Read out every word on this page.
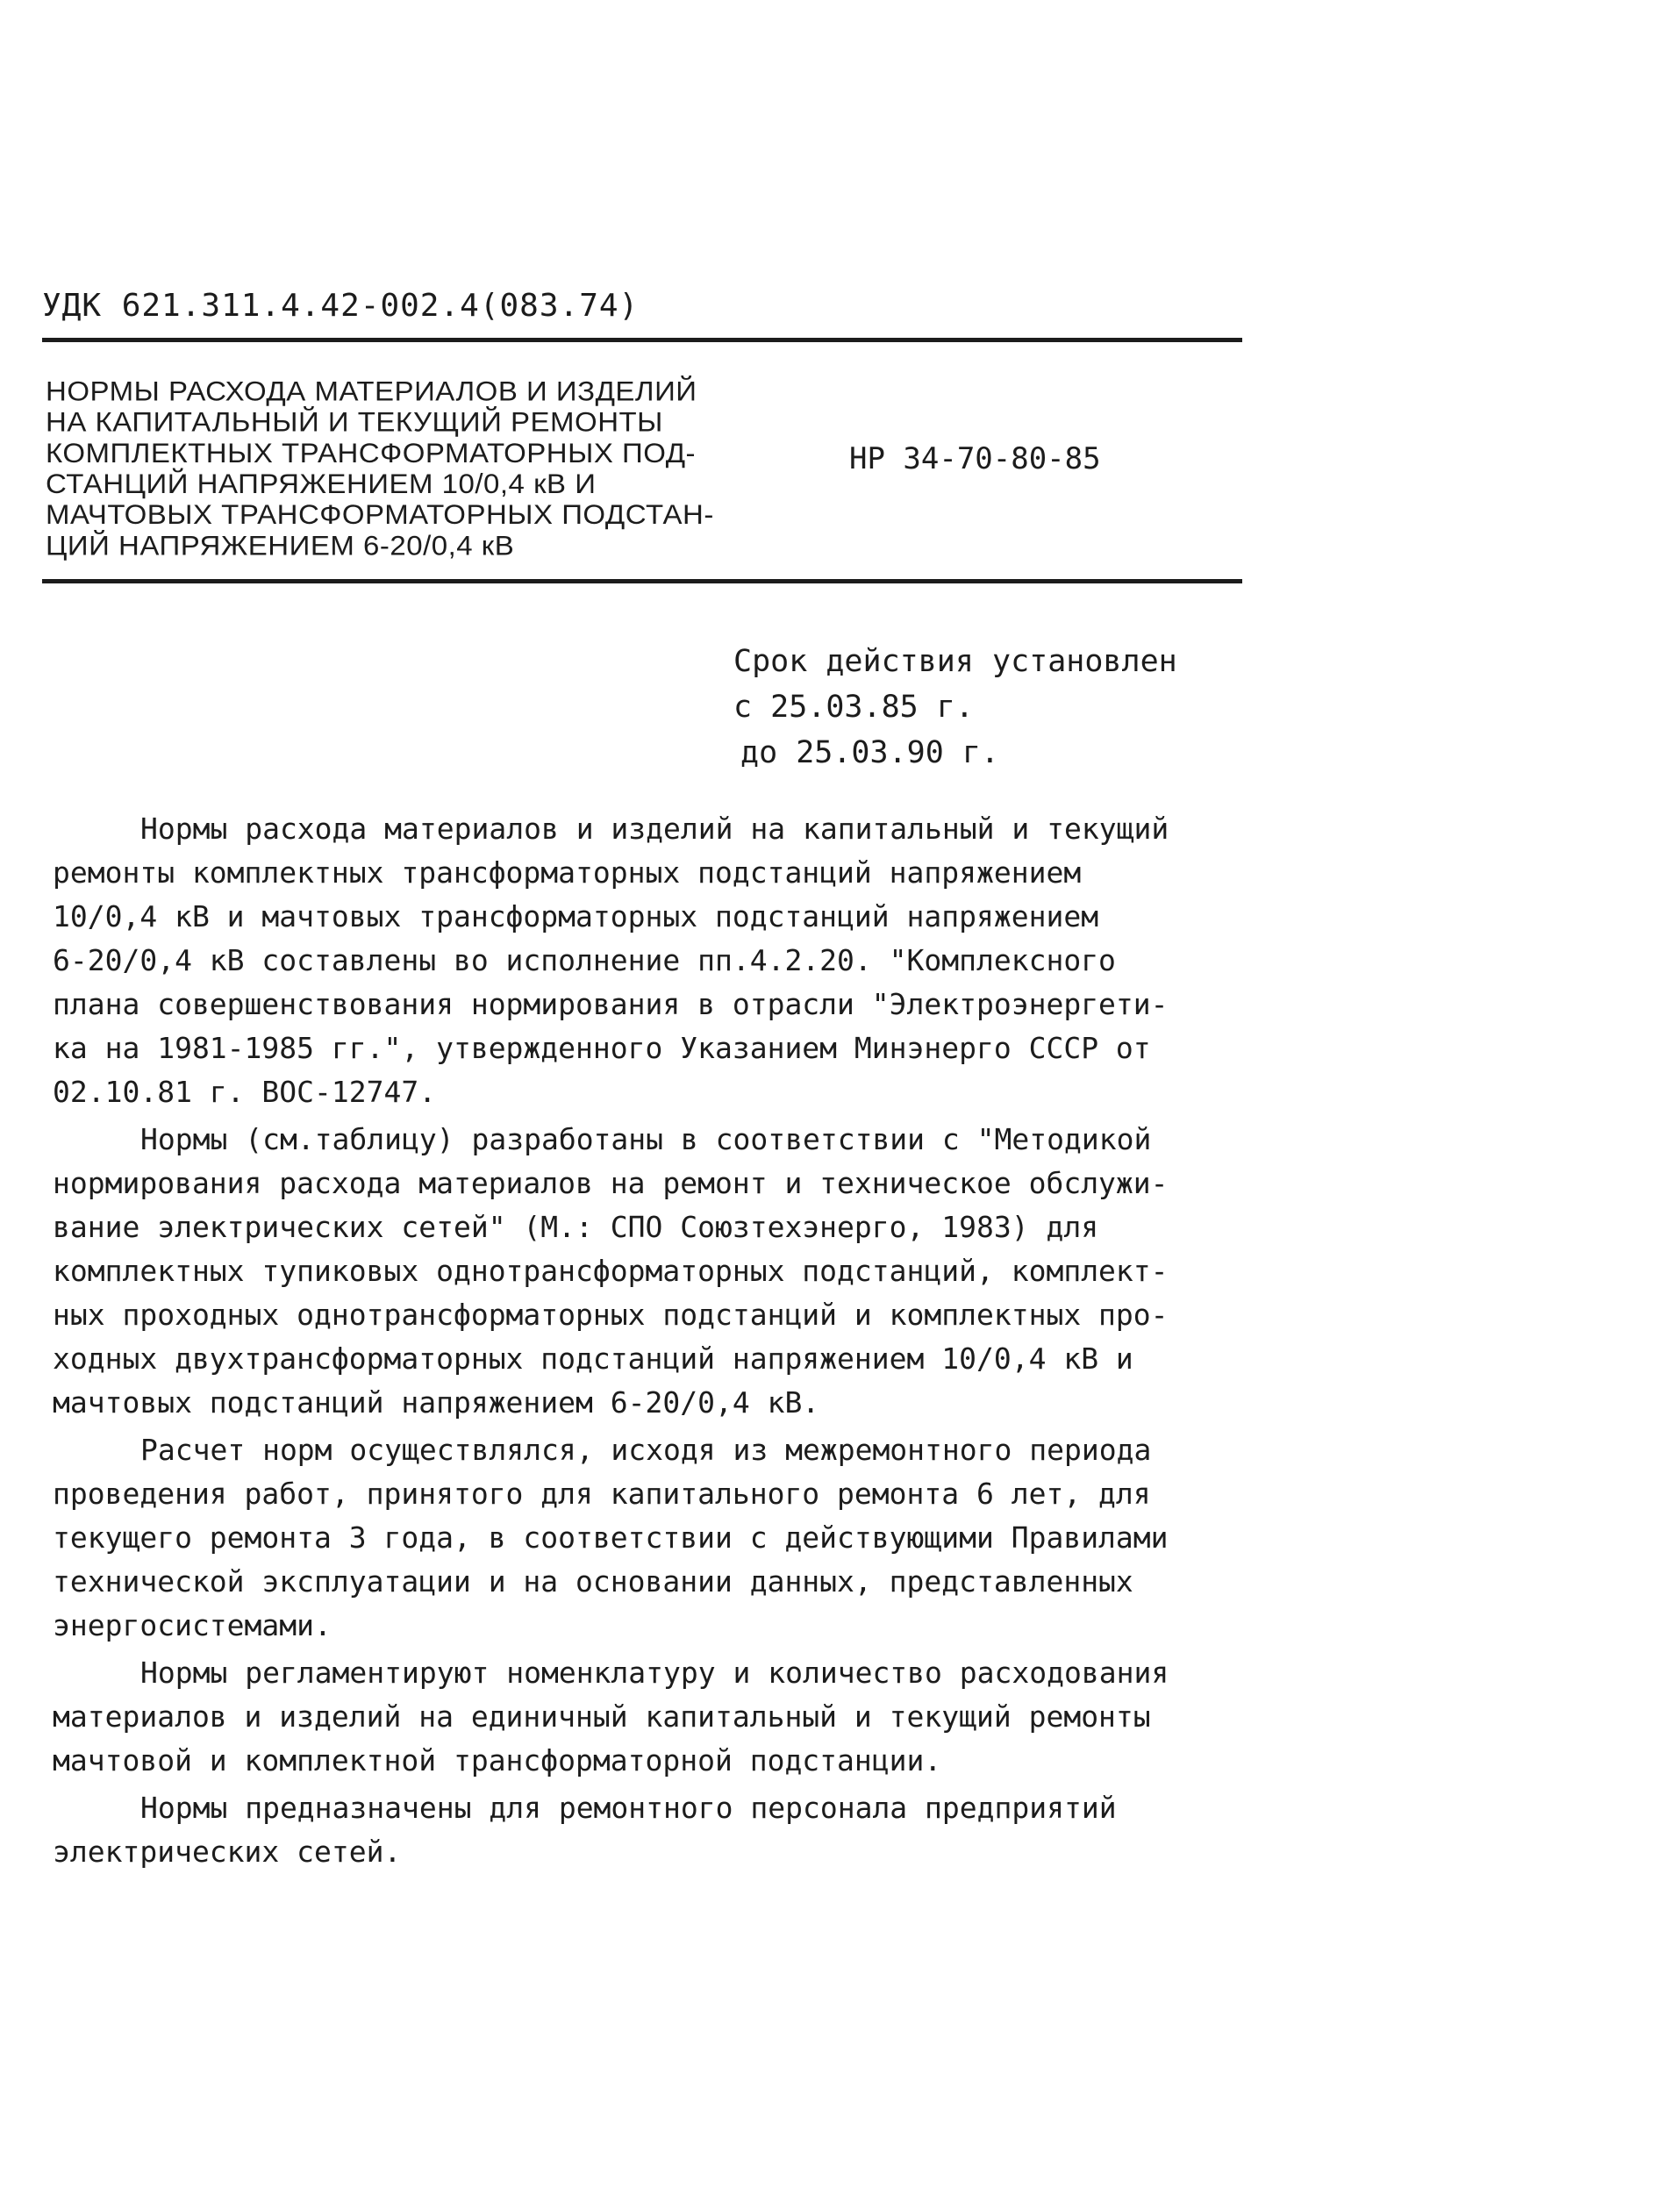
УДК 621.311.4.42-002.4(083.74)
НОРМЫ РАСХОДА МАТЕРИАЛОВ И ИЗДЕЛИЙ
НА КАПИТАЛЬНЫЙ И ТЕКУЩИЙ РЕМОНТЫ
КОМПЛЕКТНЫХ ТРАНСФОРМАТОРНЫХ ПОД-
СТАНЦИЙ НАПРЯЖЕНИЕМ 10/0,4 кВ И
МАЧТОВЫХ ТРАНСФОРМАТОРНЫХ ПОДСТАН-
ЦИЙ НАПРЯЖЕНИЕМ 6-20/0,4 кВ
НР 34-70-80-85
Срок действия установлен
с 25.03.85 г.
до 25.03.90 г.

Нормы расхода материалов и изделий на капитальный и текущий
ремонты комплектных трансформаторных подстанций напряжением
10/0,4 кВ и мачтовых трансформаторных подстанций напряжением
6-20/0,4 кВ составлены во исполнение пп.4.2.20. "Комплексного
плана совершенствования нормирования в отрасли "Электроэнергети-
ка на 1981-1985 гг.", утвержденного Указанием Минэнерго СССР от
02.10.81 г. ВОС-12747.

Нормы (см.таблицу) разработаны в соответствии с "Методикой
нормирования расхода материалов на ремонт и техническое обслужи-
вание электрических сетей" (М.: СПО Союзтехэнерго, 1983) для
комплектных тупиковых однотрансформаторных подстанций, комплект-
ных проходных однотрансформаторных подстанций и комплектных про-
ходных двухтрансформаторных подстанций напряжением 10/0,4 кВ и
мачтовых подстанций напряжением 6-20/0,4 кВ.

Расчет норм осуществлялся, исходя из межремонтного периода
проведения работ, принятого для капитального ремонта 6 лет, для
текущего ремонта 3 года, в соответствии с действующими Правилами
технической эксплуатации и на основании данных, представленных
энергосистемами.

Нормы регламентируют номенклатуру и количество расходования
материалов и изделий на единичный капитальный и текущий ремонты
мачтовой и комплектной трансформаторной подстанции.

Нормы предназначены для ремонтного персонала предприятий
электрических сетей.
